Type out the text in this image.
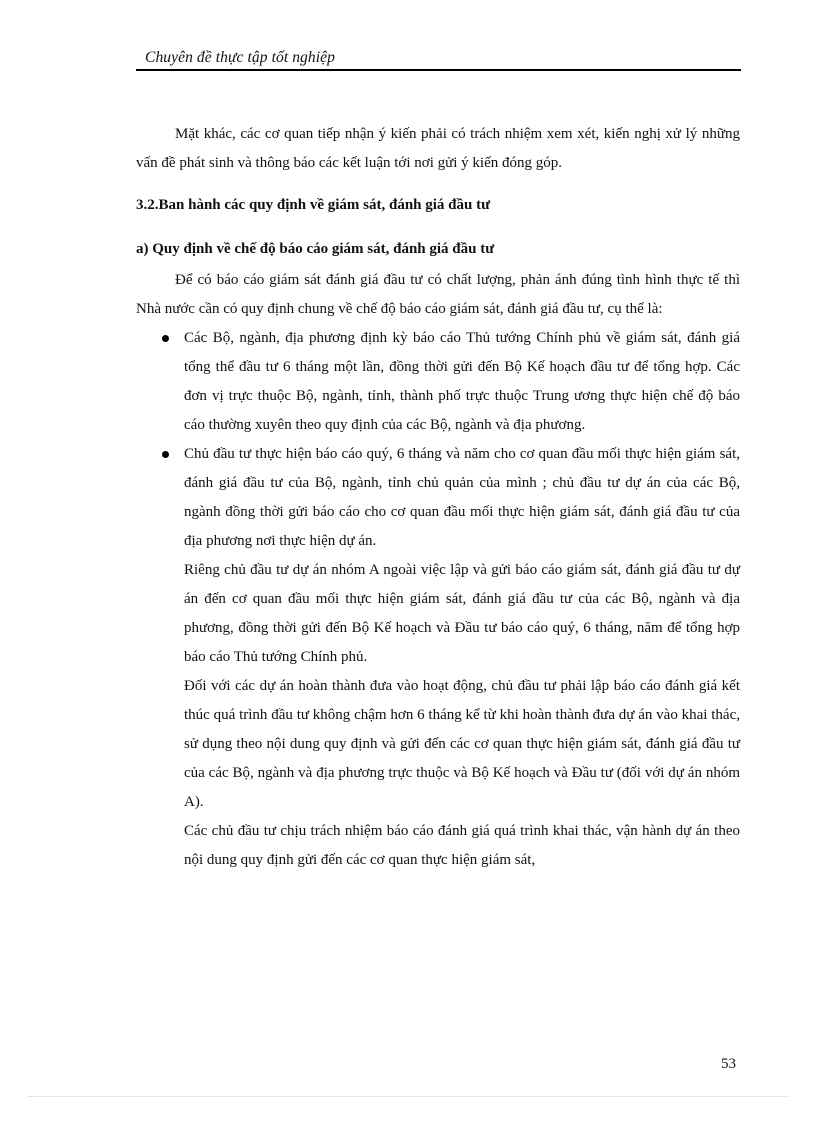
Chuyên đề thực tập tốt nghiệp

Mặt khác, các cơ quan tiếp nhận ý kiến phải có trách nhiệm xem xét, kiến nghị xử lý những vấn đề phát sinh và thông báo các kết luận tới nơi gửi ý kiến đóng góp.

3.2.Ban hành các quy định về giám sát, đánh giá đầu tư

a) Quy định về chế độ báo cáo giám sát, đánh giá đầu tư

Để có báo cáo giám sát đánh giá đầu tư có chất lượng, phản ánh đúng tình hình thực tế thì Nhà nước cần có quy định chung về chế độ báo cáo giám sát, đánh giá đầu tư, cụ thể là:

Các Bộ, ngành, địa phương định kỳ báo cáo Thủ tướng Chính phủ về giám sát, đánh giá tổng thể đầu tư 6 tháng một lần, đồng thời gửi đến Bộ Kế hoạch đầu tư để tổng hợp. Các đơn vị trực thuộc Bộ, ngành, tỉnh, thành phố trực thuộc Trung ương thực hiện chế độ báo cáo thường xuyên theo quy định của các Bộ, ngành và địa phương.

Chủ đầu tư thực hiện báo cáo quý, 6 tháng và năm cho cơ quan đầu mối thực hiện giám sát, đánh giá đầu tư của Bộ, ngành, tỉnh chủ quản của mình ; chủ đầu tư dự án của các Bộ, ngành đồng thời gửi báo cáo cho cơ quan đầu mối thực hiện giám sát, đánh giá đầu tư của địa phương nơi thực hiện dự án.

Riêng chủ đầu tư dự án nhóm A ngoài việc lập và gửi báo cáo giám sát, đánh giá đầu tư dự án đến cơ quan đầu mối thực hiện giám sát, đánh giá đầu tư của các Bộ, ngành và địa phương, đồng thời gửi đến Bộ Kế hoạch và Đầu tư báo cáo quý, 6 tháng, năm để tổng hợp báo cáo Thủ tướng Chính phủ.

Đối với các dự án hoàn thành đưa vào hoạt động, chủ đầu tư phải lập báo cáo đánh giá kết thúc quá trình đầu tư không chậm hơn 6 tháng kể từ khi hoàn thành đưa dự án vào khai thác, sử dụng theo nội dung quy định và gửi đến các cơ quan thực hiện giám sát, đánh giá đầu tư của các Bộ, ngành và địa phương trực thuộc và Bộ Kế hoạch và Đầu tư (đối với dự án nhóm A).

Các chủ đầu tư chịu trách nhiệm báo cáo đánh giá quá trình khai thác, vận hành dự án theo nội dung quy định gửi đến các cơ quan thực hiện giám sát,

53
